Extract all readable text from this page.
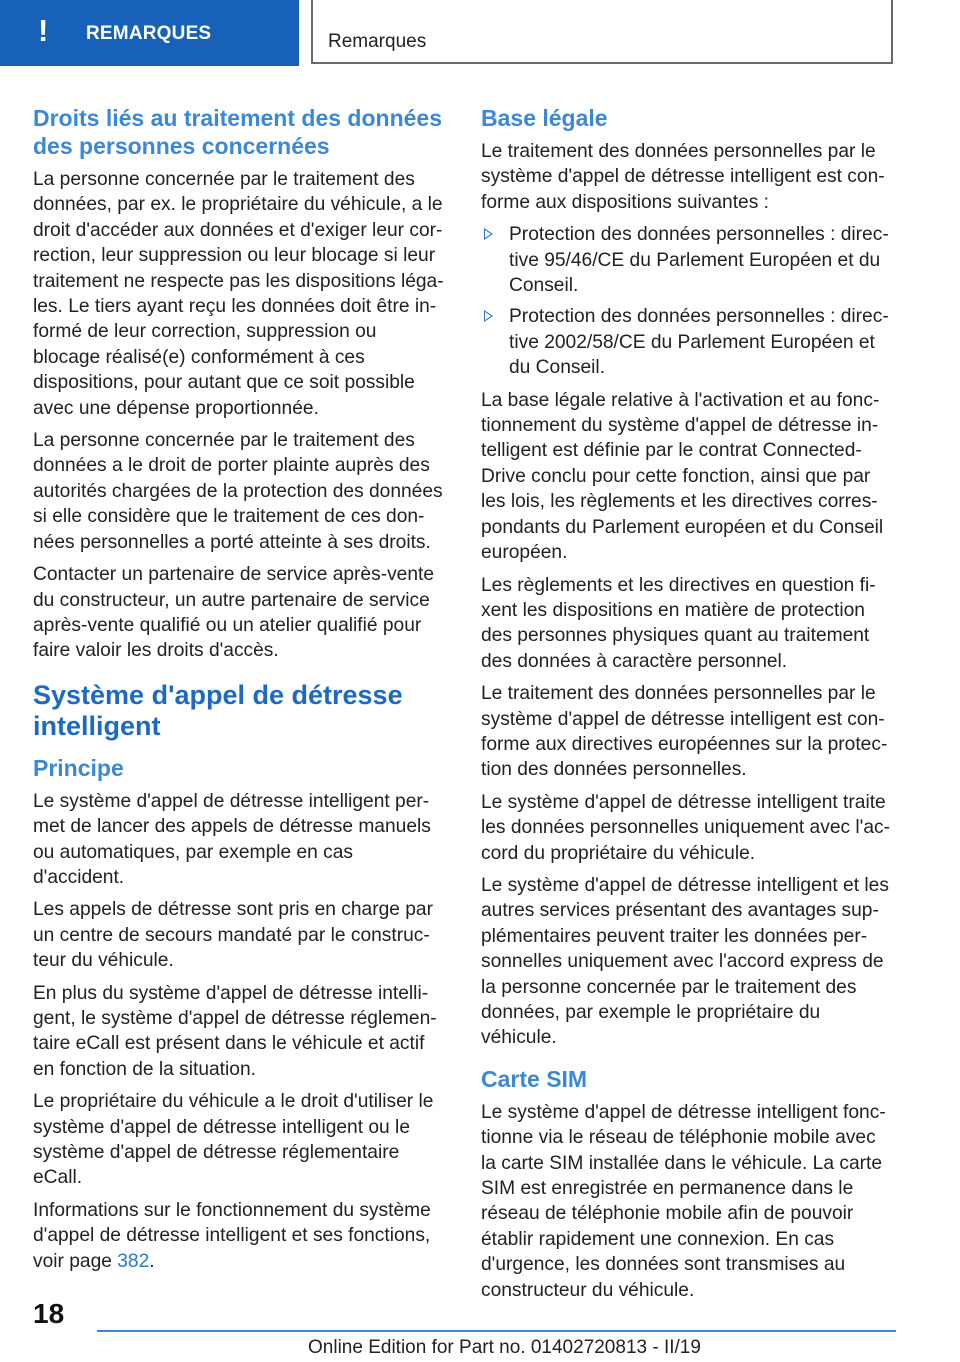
! REMARQUES	Remarques
Droits liés au traitement des données des personnes concernées

La personne concernée par le traitement des données, par ex. le propriétaire du véhicule, a le droit d'accéder aux données et d'exiger leur correction, leur suppression ou leur blocage si leur traitement ne respecte pas les dispositions légales. Le tiers ayant reçu les données doit être informé de leur correction, suppression ou blocage réalisé(e) conformément à ces dispositions, pour autant que ce soit possible avec une dépense proportionnée.

La personne concernée par le traitement des données a le droit de porter plainte auprès des autorités chargées de la protection des données si elle considère que le traitement de ces données personnelles a porté atteinte à ses droits.

Contacter un partenaire de service après-vente du constructeur, un autre partenaire de service après-vente qualifié ou un atelier qualifié pour faire valoir les droits d'accès.

Système d'appel de détresse intelligent
Principe

Le système d'appel de détresse intelligent permet de lancer des appels de détresse manuels ou automatiques, par exemple en cas d'accident.

Les appels de détresse sont pris en charge par un centre de secours mandaté par le constructeur du véhicule.

En plus du système d'appel de détresse intelligent, le système d'appel de détresse réglementaire eCall est présent dans le véhicule et actif en fonction de la situation.

Le propriétaire du véhicule a le droit d'utiliser le système d'appel de détresse intelligent ou le système d'appel de détresse réglementaire eCall.

Informations sur le fonctionnement du système d'appel de détresse intelligent et ses fonctions, voir page 382.

Base légale

Le traitement des données personnelles par le système d'appel de détresse intelligent est conforme aux dispositions suivantes :

Protection des données personnelles : directive 95/46/CE du Parlement Européen et du Conseil.
Protection des données personnelles : directive 2002/58/CE du Parlement Européen et du Conseil.

La base légale relative à l'activation et au fonctionnement du système d'appel de détresse intelligent est définie par le contrat ConnectedDrive conclu pour cette fonction, ainsi que par les lois, les règlements et les directives correspondants du Parlement européen et du Conseil européen.

Les règlements et les directives en question fixent les dispositions en matière de protection des personnes physiques quant au traitement des données à caractère personnel.

Le traitement des données personnelles par le système d'appel de détresse intelligent est conforme aux directives européennes sur la protection des données personnelles.

Le système d'appel de détresse intelligent traite les données personnelles uniquement avec l'accord du propriétaire du véhicule.

Le système d'appel de détresse intelligent et les autres services présentant des avantages supplémentaires peuvent traiter les données personnelles uniquement avec l'accord express de la personne concernée par le traitement des données, par exemple le propriétaire du véhicule.

Carte SIM

Le système d'appel de détresse intelligent fonctionne via le réseau de téléphonie mobile avec la carte SIM installée dans le véhicule. La carte SIM est enregistrée en permanence dans le réseau de téléphonie mobile afin de pouvoir établir rapidement une connexion. En cas d'urgence, les données sont transmises au constructeur du véhicule.

18
Online Edition for Part no. 01402720813 - II/19
